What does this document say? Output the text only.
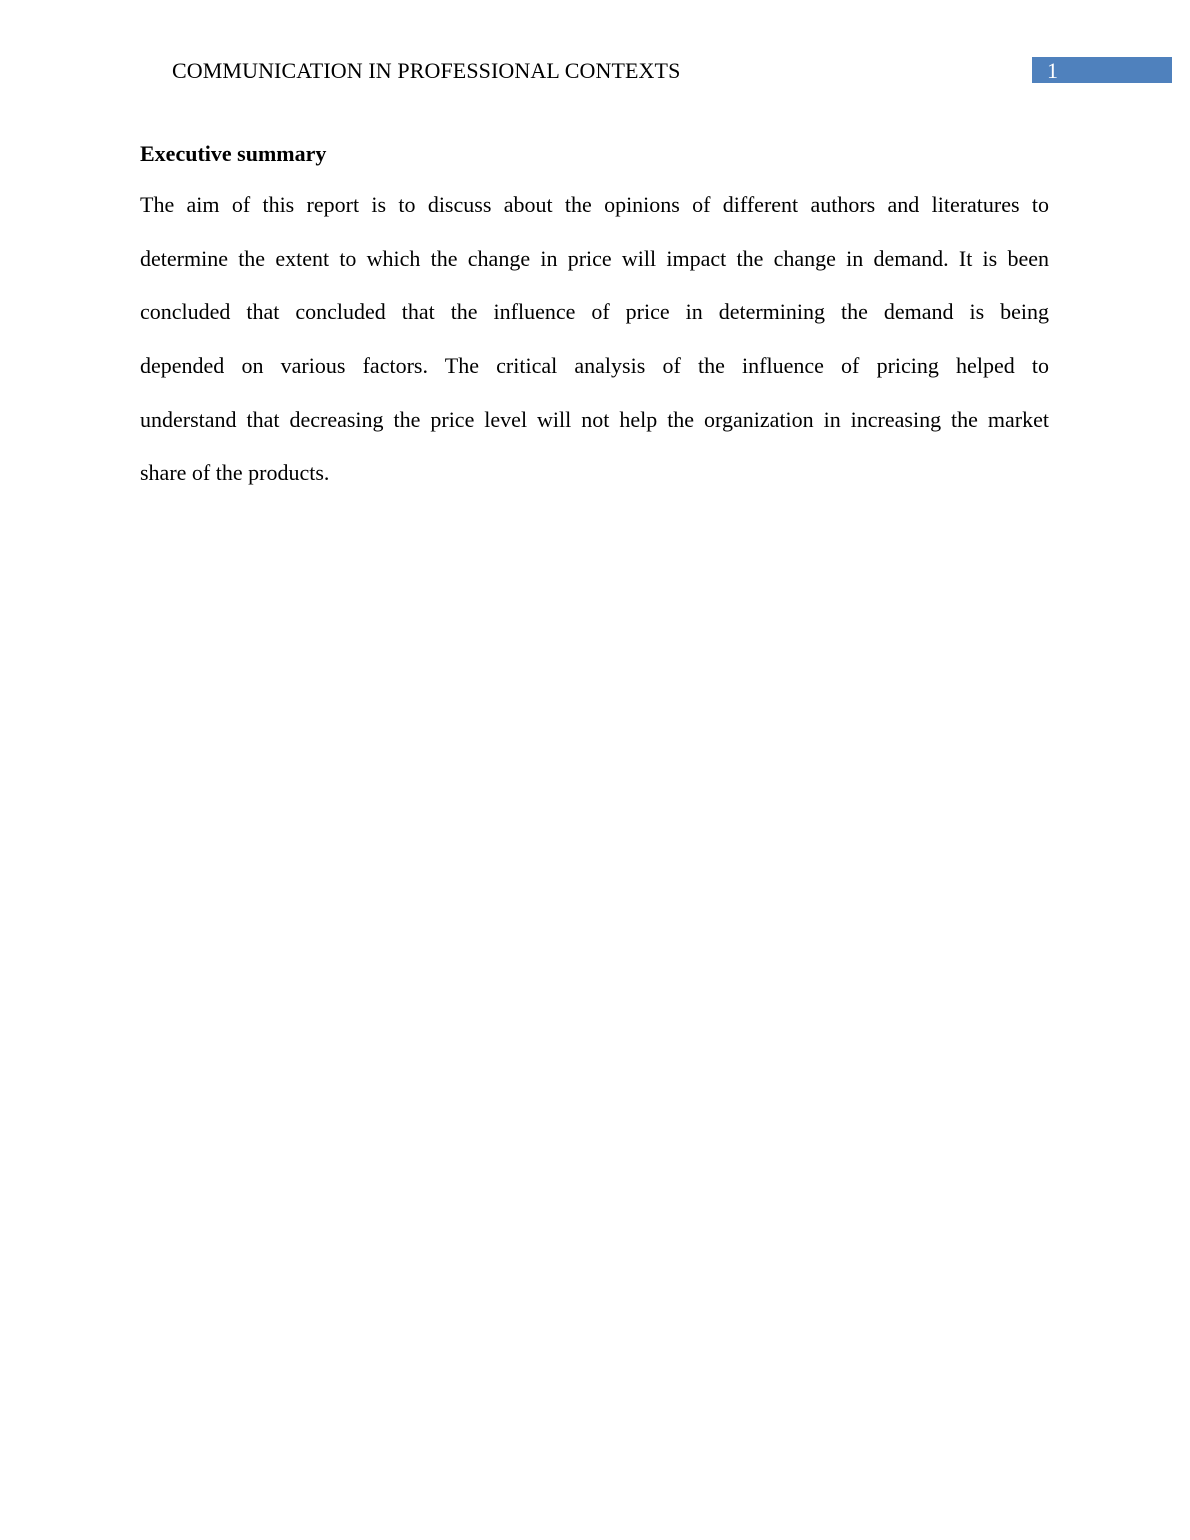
COMMUNICATION IN PROFESSIONAL CONTEXTS	1
Executive summary
The aim of this report is to discuss about the opinions of different authors and literatures to
determine the extent to which the change in price will impact the change in demand. It is been
concluded that concluded that the influence of price in determining the demand is being
depended on various factors. The critical analysis of the influence of pricing helped to
understand that decreasing the price level will not help the organization in increasing the market
share of the products.
